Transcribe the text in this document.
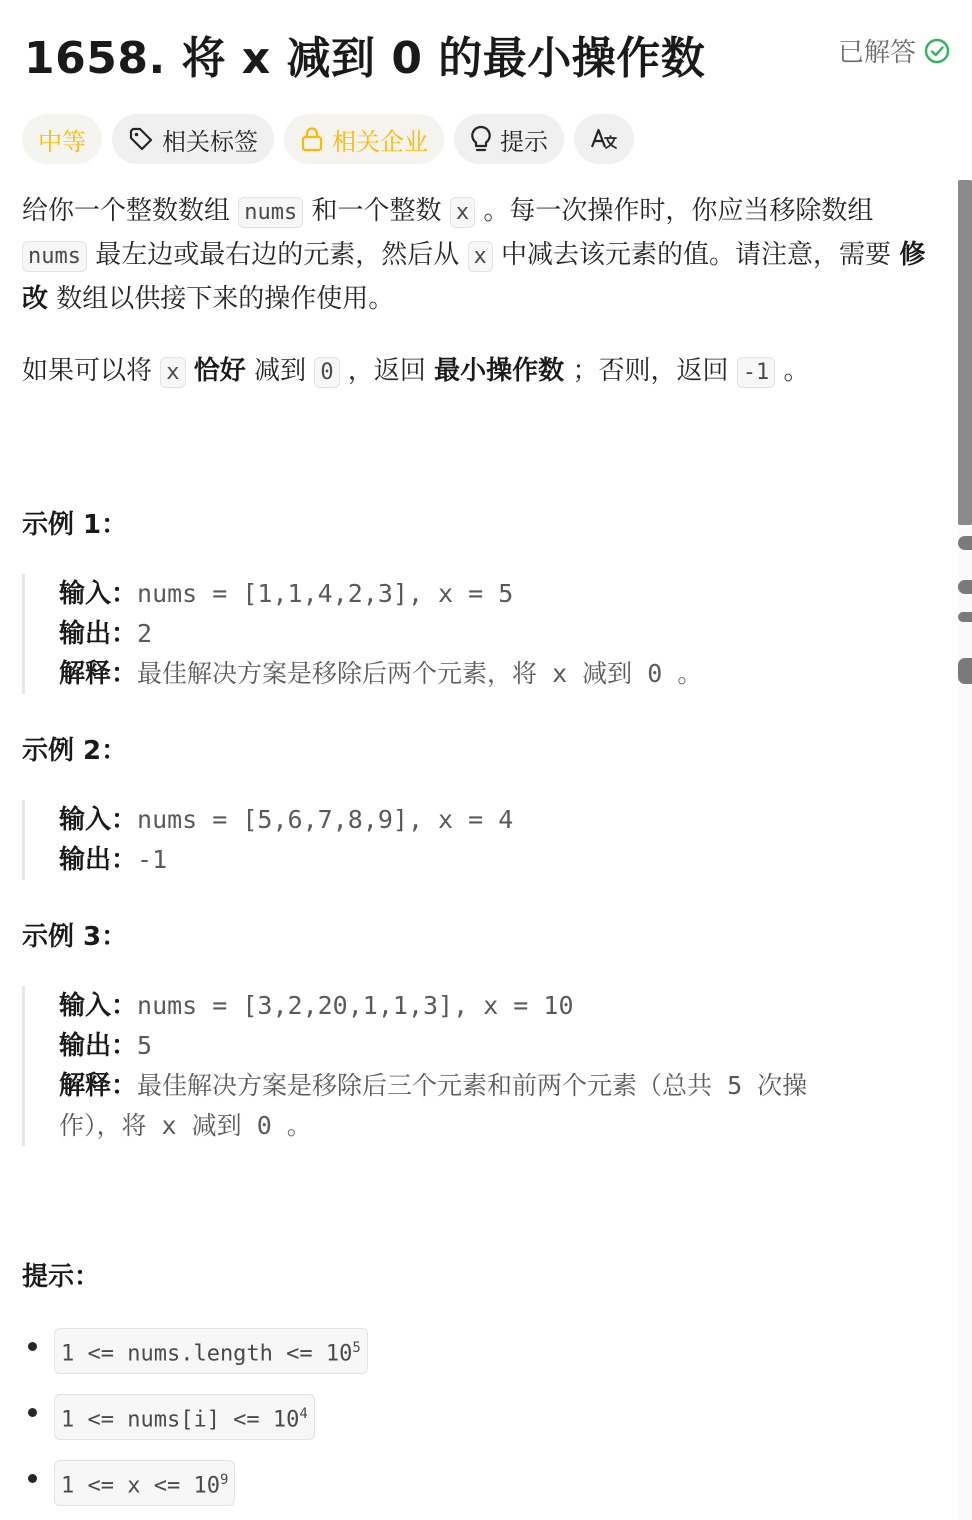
1658. 将 x 减到 0 的最小操作数	已解答
中等	相关标签	相关企业	提示

给你一个整数数组 nums 和一个整数 x 。每一次操作时，你应当移除数组 nums 最左边或最右边的元素，然后从 x 中减去该元素的值。请注意，需要 修改 数组以供接下来的操作使用。

如果可以将 x 恰好 减到 0 ，返回 最小操作数 ；否则，返回 -1 。

示例 1：
输入：nums = [1,1,4,2,3], x = 5
输出：2
解释：最佳解决方案是移除后两个元素，将 x 减到 0 。
示例 2：
输入：nums = [5,6,7,8,9], x = 4
输出：-1
示例 3：
输入：nums = [3,2,20,1,1,3], x = 10
输出：5
解释：最佳解决方案是移除后三个元素和前两个元素（总共 5 次操
作），将 x 减到 0 。
提示：
1 <= nums.length <= $10^5$
1 <= nums[i] <= $10^4$
$1 <= x <= 10^9$
